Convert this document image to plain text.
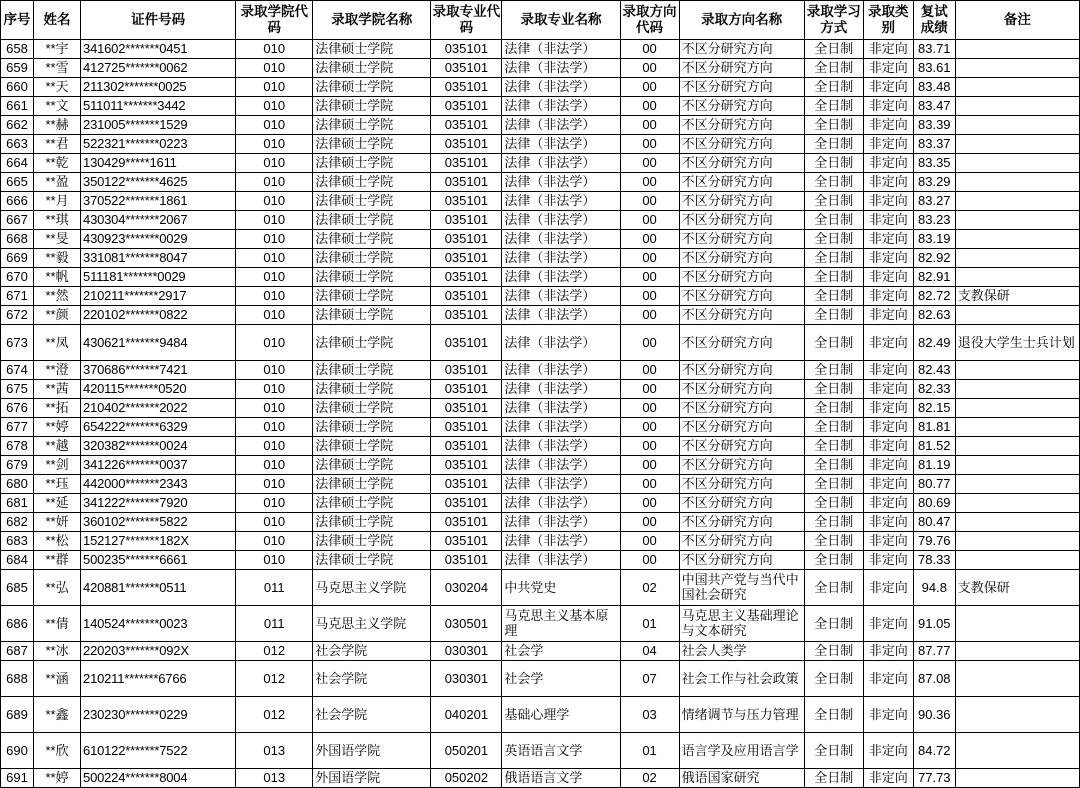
序号	姓名	证件号码	录取学院代码	录取学院名称	录取专业代码	录取专业名称	录取方向代码	录取方向名称	录取学习方式	录取类别	复试成绩	备注
658	**宇	341602*******0451	010	法律硕士学院	035101	法律（非法学）	00	不区分研究方向	全日制	非定向	83.71	
659	**雪	412725*******0062	010	法律硕士学院	035101	法律（非法学）	00	不区分研究方向	全日制	非定向	83.61	
660	**天	211302*******0025	010	法律硕士学院	035101	法律（非法学）	00	不区分研究方向	全日制	非定向	83.48	
661	**文	511011*******3442	010	法律硕士学院	035101	法律（非法学）	00	不区分研究方向	全日制	非定向	83.47	
662	**赫	231005*******1529	010	法律硕士学院	035101	法律（非法学）	00	不区分研究方向	全日制	非定向	83.39	
663	**君	522321*******0223	010	法律硕士学院	035101	法律（非法学）	00	不区分研究方向	全日制	非定向	83.37	
664	**乾	130429*****1611	010	法律硕士学院	035101	法律（非法学）	00	不区分研究方向	全日制	非定向	83.35	
665	**盈	350122*******4625	010	法律硕士学院	035101	法律（非法学）	00	不区分研究方向	全日制	非定向	83.29	
666	**月	370522*******1861	010	法律硕士学院	035101	法律（非法学）	00	不区分研究方向	全日制	非定向	83.27	
667	**琪	430304*******2067	010	法律硕士学院	035101	法律（非法学）	00	不区分研究方向	全日制	非定向	83.23	
668	**旻	430923*******0029	010	法律硕士学院	035101	法律（非法学）	00	不区分研究方向	全日制	非定向	83.19	
669	**毅	331081*******8047	010	法律硕士学院	035101	法律（非法学）	00	不区分研究方向	全日制	非定向	82.92	
670	**帆	511181*******0029	010	法律硕士学院	035101	法律（非法学）	00	不区分研究方向	全日制	非定向	82.91	
671	**然	210211*******2917	010	法律硕士学院	035101	法律（非法学）	00	不区分研究方向	全日制	非定向	82.72	支教保研
672	**颜	220102*******0822	010	法律硕士学院	035101	法律（非法学）	00	不区分研究方向	全日制	非定向	82.63	
673	**凤	430621*******9484	010	法律硕士学院	035101	法律（非法学）	00	不区分研究方向	全日制	非定向	82.49	退役大学生士兵计划
674	**澄	370686*******7421	010	法律硕士学院	035101	法律（非法学）	00	不区分研究方向	全日制	非定向	82.43	
675	**茜	420115*******0520	010	法律硕士学院	035101	法律（非法学）	00	不区分研究方向	全日制	非定向	82.33	
676	**拓	210402*******2022	010	法律硕士学院	035101	法律（非法学）	00	不区分研究方向	全日制	非定向	82.15	
677	**婷	654222*******6329	010	法律硕士学院	035101	法律（非法学）	00	不区分研究方向	全日制	非定向	81.81	
678	**越	320382*******0024	010	法律硕士学院	035101	法律（非法学）	00	不区分研究方向	全日制	非定向	81.52	
679	**剑	341226*******0037	010	法律硕士学院	035101	法律（非法学）	00	不区分研究方向	全日制	非定向	81.19	
680	**珏	442000*******2343	010	法律硕士学院	035101	法律（非法学）	00	不区分研究方向	全日制	非定向	80.77	
681	**延	341222*******7920	010	法律硕士学院	035101	法律（非法学）	00	不区分研究方向	全日制	非定向	80.69	
682	**妍	360102*******5822	010	法律硕士学院	035101	法律（非法学）	00	不区分研究方向	全日制	非定向	80.47	
683	**松	152127*******182X	010	法律硕士学院	035101	法律（非法学）	00	不区分研究方向	全日制	非定向	79.76	
684	**群	500235*******6661	010	法律硕士学院	035101	法律（非法学）	00	不区分研究方向	全日制	非定向	78.33	
685	**弘	420881*******0511	011	马克思主义学院	030204	中共党史	02	中国共产党与当代中国社会研究	全日制	非定向	94.8	支教保研
686	**倩	140524*******0023	011	马克思主义学院	030501	马克思主义基本原理	01	马克思主义基础理论与文本研究	全日制	非定向	91.05	
687	**冰	220203*******092X	012	社会学院	030301	社会学	04	社会人类学	全日制	非定向	87.77	
688	**涵	210211*******6766	012	社会学院	030301	社会学	07	社会工作与社会政策	全日制	非定向	87.08	
689	**鑫	230230*******0229	012	社会学院	040201	基础心理学	03	情绪调节与压力管理	全日制	非定向	90.36	
690	**欣	610122*******7522	013	外国语学院	050201	英语语言文学	01	语言学及应用语言学	全日制	非定向	84.72	
691	**婷	500224*******8004	013	外国语学院	050202	俄语语言文学	02	俄语国家研究	全日制	非定向	77.73	
